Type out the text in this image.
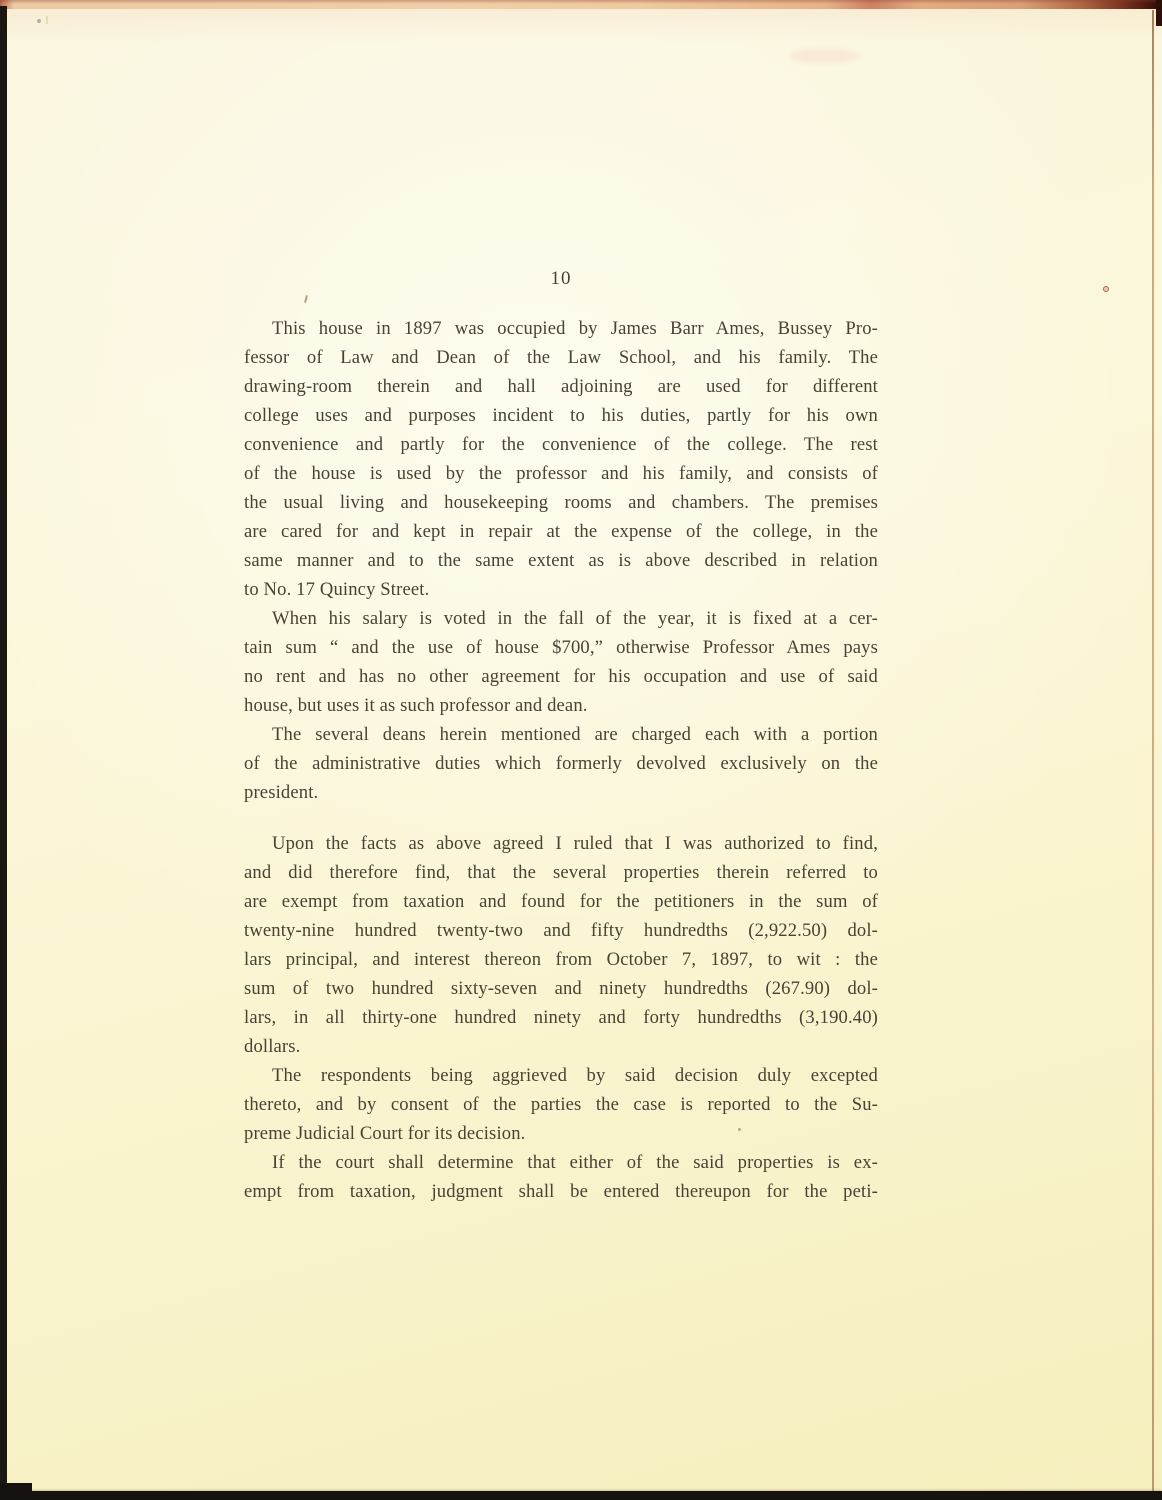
10

This house in 1897 was occupied by James Barr Ames, Bussey Pro-
fessor of Law and Dean of the Law School, and his family. The
drawing-room therein and hall adjoining are used for different
college uses and purposes incident to his duties, partly for his own
convenience and partly for the convenience of the college. The rest
of the house is used by the professor and his family, and consists of
the usual living and housekeeping rooms and chambers. The premises
are cared for and kept in repair at the expense of the college, in the
same manner and to the same extent as is above described in relation
to No. 17 Quincy Street.

When his salary is voted in the fall of the year, it is fixed at a cer-
tain sum “ and the use of house $700,” otherwise Professor Ames pays
no rent and has no other agreement for his occupation and use of said
house, but uses it as such professor and dean.

The several deans herein mentioned are charged each with a portion
of the administrative duties which formerly devolved exclusively on the
president.

Upon the facts as above agreed I ruled that I was authorized to find,
and did therefore find, that the several properties therein referred to
are exempt from taxation and found for the petitioners in the sum of
twenty-nine hundred twenty-two and fifty hundredths (2,922.50) dol-
lars principal, and interest thereon from October 7, 1897, to wit : the
sum of two hundred sixty-seven and ninety hundredths (267.90) dol-
lars, in all thirty-one hundred ninety and forty hundredths (3,190.40)
dollars.

The respondents being aggrieved by said decision duly excepted
thereto, and by consent of the parties the case is reported to the Su-
preme Judicial Court for its decision.

If the court shall determine that either of the said properties is ex-
empt from taxation, judgment shall be entered thereupon for the peti-
